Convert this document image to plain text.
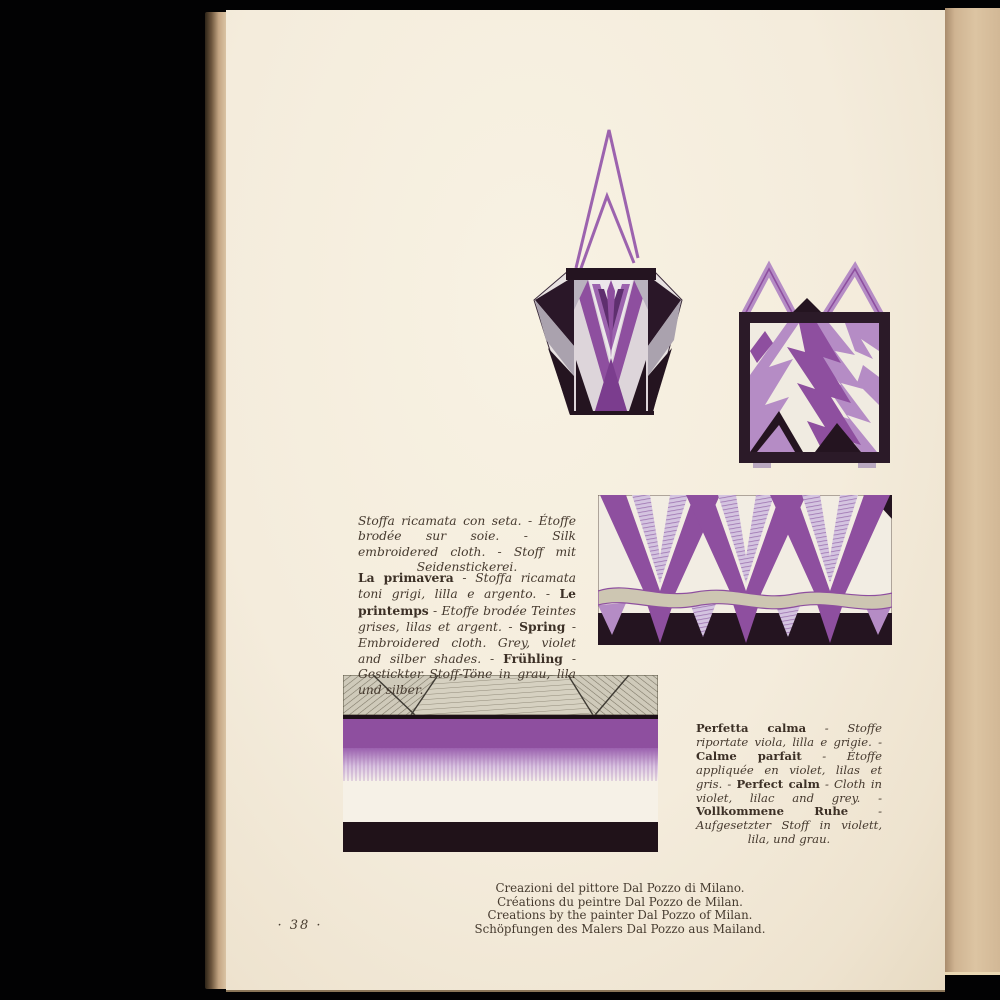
Stoffa ricamata con seta. - Étoffe brodée sur soie. - Silk embroidered cloth. - Stoff mit Seidenstickerei.
La primavera - Stoffa ricamata toni grigi, lilla e argento. - Le printemps - Etoffe brodée Teintes grises, lilas et argent. - Spring - Embroidered cloth. Grey, violet and silber shades. - Frühling - Gestickter Stoff-Töne in grau, lila und silber.
Perfetta calma - Stoffe riportate viola, lilla e grigie. - Calme parfait - Étoffe appliquée en violet, lilas et gris. - Perfect calm - Cloth in violet, lilac and grey. - Vollkommene Ruhe - Aufgesetzter Stoff in violett, lila, und grau.
Creazioni del pittore Dal Pozzo di Milano.
Créations du peintre Dal Pozzo de Milan.
Creations by the painter Dal Pozzo of Milan.
Schöpfungen des Malers Dal Pozzo aus Mailand.
· 38 ·
